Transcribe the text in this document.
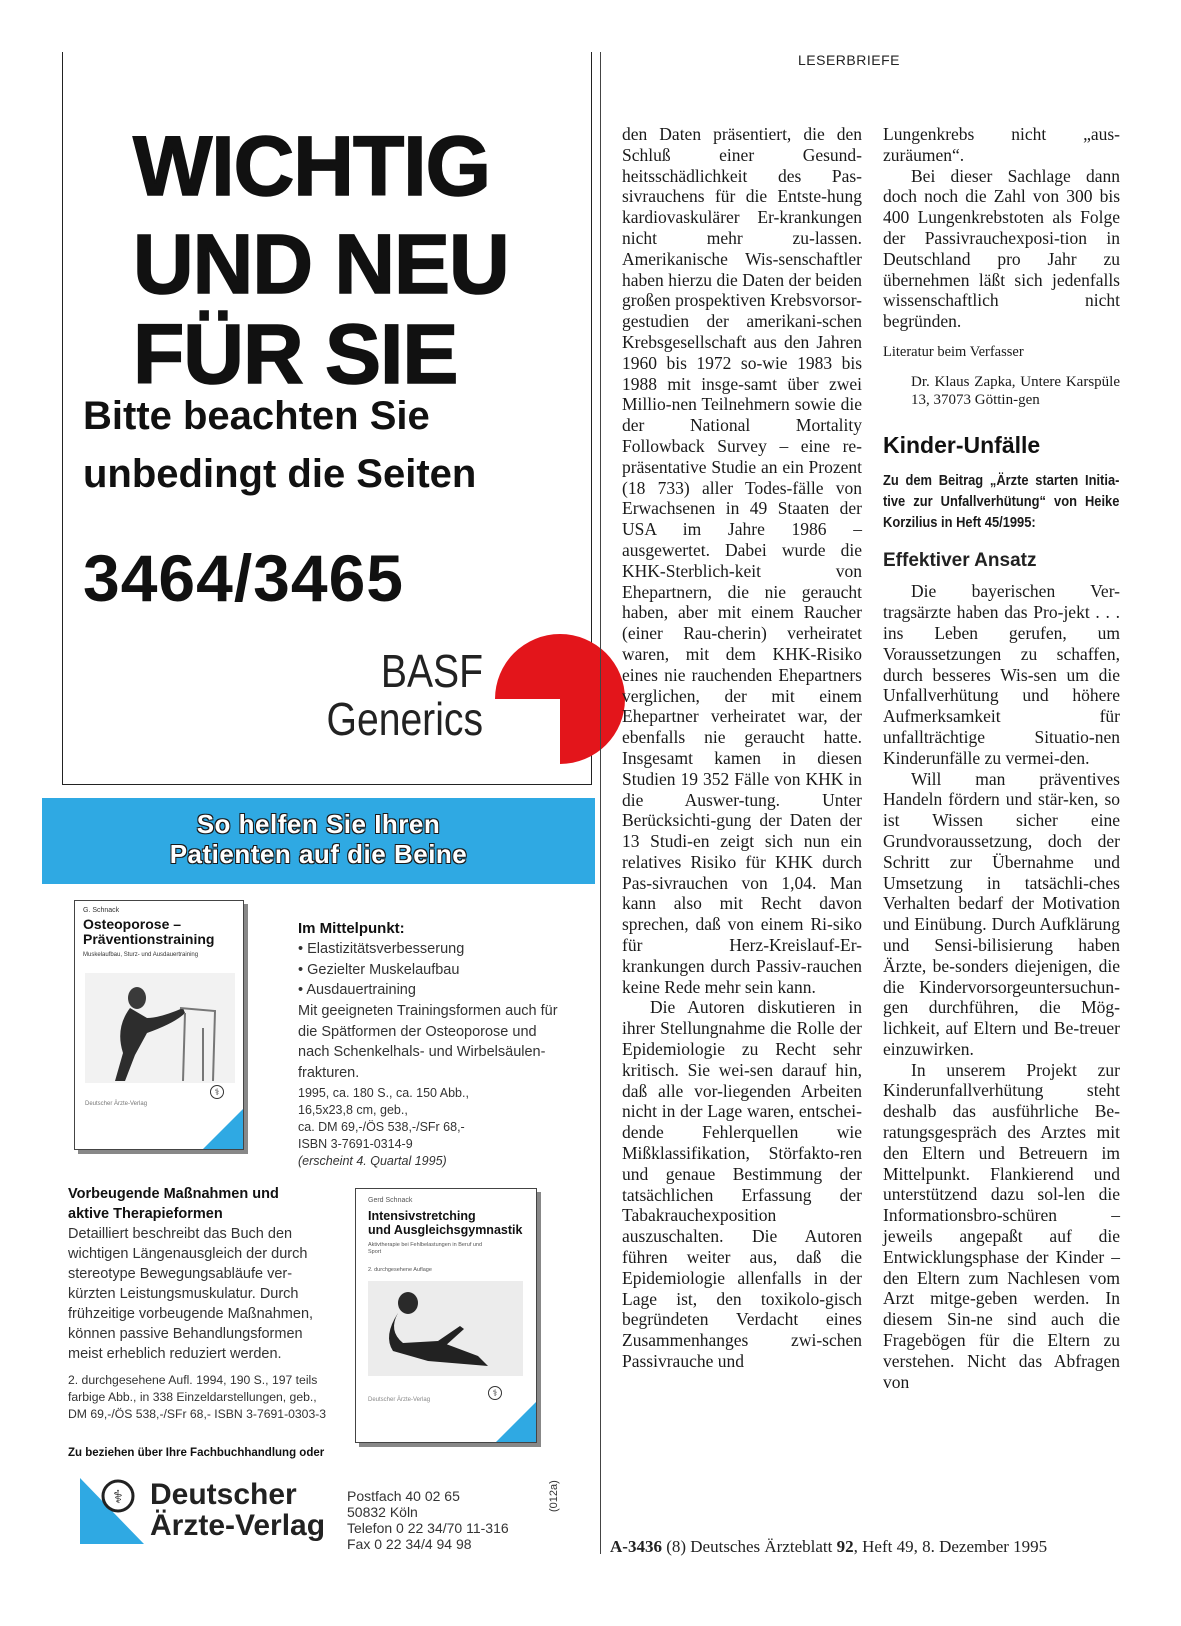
WICHTIG
UND NEU
FÜR SIE
Bitte beachten Sie
unbedingt die Seiten
3464/3465
BASF
Generics
So helfen Sie Ihren
Patienten auf die Beine
G. Schnack
Osteoporose –
Präventionstraining
Muskelaufbau, Sturz- und Ausdauertraining
Deutscher Ärzte-Verlag
⚕
Im Mittelpunkt:
• Elastizitätsverbesserung
• Gezielter Muskelaufbau
• Ausdauertraining
Mit geeigneten Trainingsformen auch für die Spätformen der Osteoporose und nach Schenkelhals- und Wirbelsäulen-frakturen.
1995, ca. 180 S., ca. 150 Abb.,
16,5x23,8 cm, geb.,
ca. DM 69,-/ÖS 538,-/SFr 68,-
ISBN 3-7691-0314-9
(erscheint 4. Quartal 1995)
Gerd Schnack
Intensivstretching
und Ausgleichsgymnastik
Aktivtherapie bei Fehlbelastungen in Beruf und Sport
2. durchgesehene Auflage
Deutscher Ärzte-Verlag
⚕
Vorbeugende Maßnahmen und
aktive Therapieformen
Detailliert beschreibt das Buch den wichtigen Längenausgleich der durch stereotype Bewegungsabläufe ver-kürzten Leistungsmuskulatur. Durch frühzeitige vorbeugende Maßnahmen, können passive Behandlungsformen meist erheblich reduziert werden.
2. durchgesehene Aufl. 1994, 190 S., 197 teils
farbige Abb., in 338 Einzeldarstellungen, geb.,
DM 69,-/ÖS 538,-/SFr 68,- ISBN 3-7691-0303-3
Zu beziehen über Ihre Fachbuchhandlung oder
⚕ Deutscher
Ärzte-Verlag
Postfach 40 02 65
50832 Köln
Telefon 0 22 34/70 11-316
Fax 0 22 34/4 94 98
(012a)
LESERBRIEFE

den Daten präsentiert, die den Schluß einer Gesund-heitsschädlichkeit des Pas-sivrauchens für die Entste-hung kardiovaskulärer Er-krankungen nicht mehr zu-lassen. Amerikanische Wis-senschaftler haben hierzu die Daten der beiden großen prospektiven Krebsvorsor-gestudien der amerikani-schen Krebsgesellschaft aus den Jahren 1960 bis 1972 so-wie 1983 bis 1988 mit insge-samt über zwei Millio-nen Teilnehmern sowie die der National Mortality Followback Survey – eine re-präsentative Studie an ein Prozent (18 733) aller Todes-fälle von Erwachsenen in 49 Staaten der USA im Jahre 1986 – ausgewertet. Dabei wurde die KHK-Sterblich-keit von Ehepartnern, die nie geraucht haben, aber mit einem Raucher (einer Rau-cherin) verheiratet waren, mit dem KHK-Risiko eines nie rauchenden Ehepartners verglichen, der mit einem Ehepartner verheiratet war, der ebenfalls nie geraucht hatte. Insgesamt kamen in diesen Studien 19 352 Fälle von KHK in die Auswer-tung. Unter Berücksichti-gung der Daten der 13 Studi-en zeigt sich nun ein relatives Risiko für KHK durch Pas-sivrauchen von 1,04. Man kann also mit Recht davon sprechen, daß von einem Ri-siko für Herz-Kreislauf-Er-krankungen durch Passiv-rauchen keine Rede mehr sein kann.

Die Autoren diskutieren in ihrer Stellungnahme die Rolle der Epidemiologie zu Recht sehr kritisch. Sie wei-sen darauf hin, daß alle vor-liegenden Arbeiten nicht in der Lage waren, entschei-dende Fehlerquellen wie Mißklassifikation, Störfakto-ren und genaue Bestimmung der tatsächlichen Erfassung der Tabakrauchexposition auszuschalten. Die Autoren führen weiter aus, daß die Epidemiologie allenfalls in der Lage ist, den toxikolo-gisch begründeten Verdacht eines Zusammenhanges zwi-schen Passivrauche und

Lungenkrebs nicht „aus-zuräumen“.

Bei dieser Sachlage dann doch noch die Zahl von 300 bis 400 Lungenkrebstoten als Folge der Passivrauchexposi-tion in Deutschland pro Jahr zu übernehmen läßt sich jedenfalls wissenschaftlich nicht begründen.

Literatur beim Verfasser

Dr. Klaus Zapka, Untere Karspüle 13, 37073 Göttin-gen

Kinder-Unfälle
Zu dem Beitrag „Ärzte starten Initia-tive zur Unfallverhütung“ von Heike Korzilius in Heft 45/1995:
Effektiver Ansatz

Die bayerischen Ver-tragsärzte haben das Pro-jekt . . . ins Leben gerufen, um Voraussetzungen zu schaffen, durch besseres Wis-sen um die Unfallverhütung und höhere Aufmerksamkeit für unfallträchtige Situatio-nen Kinderunfälle zu vermei-den.

Will man präventives Handeln fördern und stär-ken, so ist Wissen sicher eine Grundvoraussetzung, doch der Schritt zur Übernahme und Umsetzung in tatsächli-ches Verhalten bedarf der Motivation und Einübung. Durch Aufklärung und Sensi-bilisierung haben Ärzte, be-sonders diejenigen, die die Kindervorsorgeuntersuchun-gen durchführen, die Mög-lichkeit, auf Eltern und Be-treuer einzuwirken.

In unserem Projekt zur Kinderunfallverhütung steht deshalb das ausführliche Be-ratungsgespräch des Arztes mit den Eltern und Betreuern im Mittelpunkt. Flankierend und unterstützend dazu sol-len die Informationsbro-schüren – jeweils angepaßt auf die Entwicklungsphase der Kinder – den Eltern zum Nachlesen vom Arzt mitge-geben werden. In diesem Sin-ne sind auch die Fragebögen für die Eltern zu verstehen. Nicht das Abfragen von

A-3436 (8) Deutsches Ärzteblatt 92, Heft 49, 8. Dezember 1995
